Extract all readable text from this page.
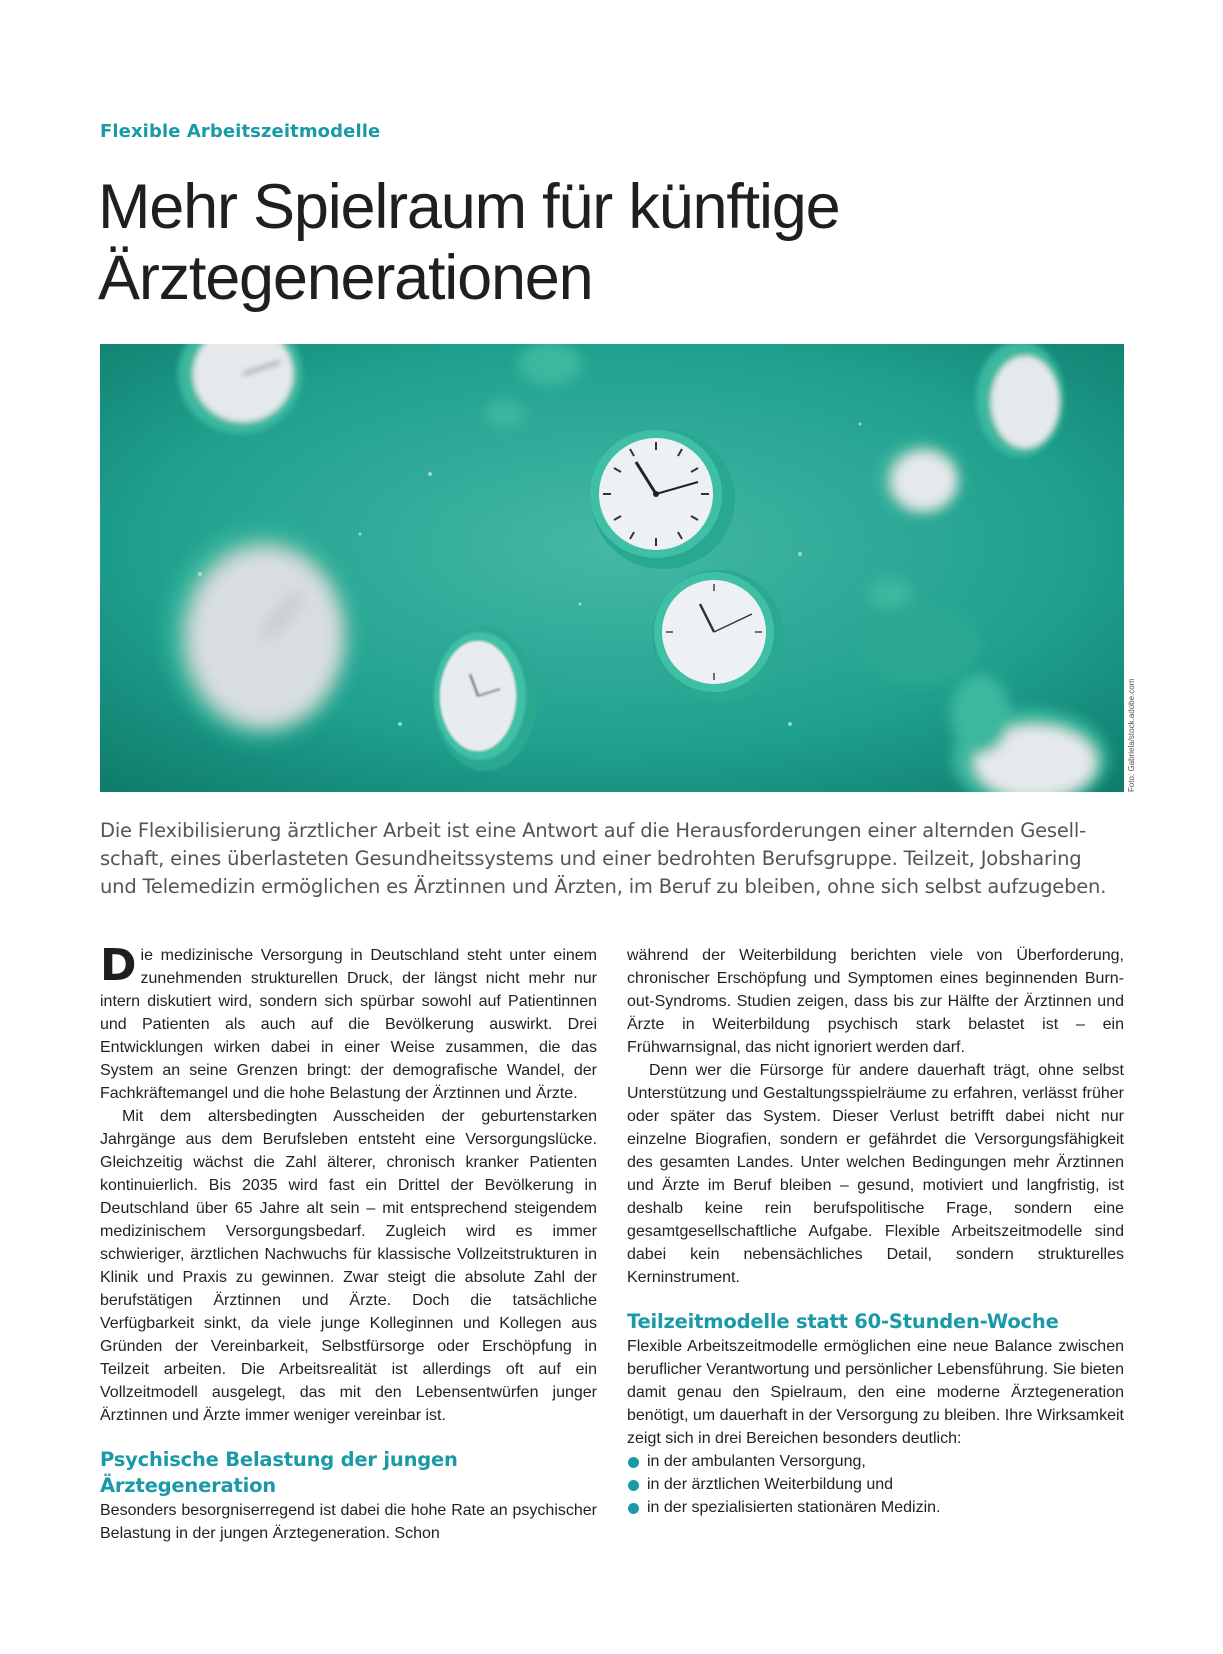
Flexible Arbeitszeitmodelle
Mehr Spielraum für künftige
Ärztegenerationen
Foto: Gabriela/stock.adobe.com
Die Flexibilisierung ärztlicher Arbeit ist eine Antwort auf die Herausforderungen einer alternden Gesell-
schaft, eines überlasteten Gesundheitssystems und einer bedrohten Berufsgruppe. Teilzeit, Jobsharing
und Telemedizin ermöglichen es Ärztinnen und Ärzten, im Beruf zu bleiben, ohne sich selbst aufzugeben.

Die medizinische Versorgung in Deutschland steht unter einem zunehmenden strukturellen Druck, der längst nicht mehr nur intern diskutiert wird, sondern sich spürbar sowohl auf Patientinnen und Patienten als auch auf die Bevölkerung auswirkt. Drei Entwicklungen wirken dabei in einer Weise zusammen, die das System an seine Grenzen bringt: der demografische Wandel, der Fachkräftemangel und die hohe Belastung der Ärztinnen und Ärzte.

Mit dem altersbedingten Ausscheiden der geburtenstarken Jahrgänge aus dem Berufsleben entsteht eine Versorgungslücke. Gleichzeitig wächst die Zahl älterer, chronisch kranker Patienten kontinuierlich. Bis 2035 wird fast ein Drittel der Bevölkerung in Deutschland über 65 Jahre alt sein – mit entsprechend steigendem medizinischem Versorgungsbedarf. Zugleich wird es immer schwieriger, ärztlichen Nachwuchs für klassische Vollzeitstrukturen in Klinik und Praxis zu gewinnen. Zwar steigt die absolute Zahl der berufstätigen Ärztinnen und Ärzte. Doch die tatsächliche Verfügbarkeit sinkt, da viele junge Kolleginnen und Kollegen aus Gründen der Vereinbarkeit, Selbstfürsorge oder Erschöpfung in Teilzeit arbeiten. Die Arbeitsrealität ist allerdings oft auf ein Vollzeitmodell ausgelegt, das mit den Lebensentwürfen junger Ärztinnen und Ärzte immer weniger vereinbar ist.

Psychische Belastung der jungen Ärztegeneration

Besonders besorgniserregend ist dabei die hohe Rate an psychischer Belastung in der jungen Ärztegeneration. Schon

während der Weiterbildung berichten viele von Überforderung, chronischer Erschöpfung und Symptomen eines beginnenden Burn-out-Syndroms. Studien zeigen, dass bis zur Hälfte der Ärztinnen und Ärzte in Weiterbildung psychisch stark belastet ist – ein Frühwarnsignal, das nicht ignoriert werden darf.

Denn wer die Fürsorge für andere dauerhaft trägt, ohne selbst Unterstützung und Gestaltungsspielräume zu erfahren, verlässt früher oder später das System. Dieser Verlust betrifft dabei nicht nur einzelne Biografien, sondern er gefährdet die Versorgungsfähigkeit des gesamten Landes. Unter welchen Bedingungen mehr Ärztinnen und Ärzte im Beruf bleiben – gesund, motiviert und langfristig, ist deshalb keine rein berufspolitische Frage, sondern eine gesamtgesellschaftliche Aufgabe. Flexible Arbeitszeitmodelle sind dabei kein nebensächliches Detail, sondern strukturelles Kerninstrument.

Teilzeitmodelle statt 60-Stunden-Woche

Flexible Arbeitszeitmodelle ermöglichen eine neue Balance zwischen beruflicher Verantwortung und persönlicher Lebensführung. Sie bieten damit genau den Spielraum, den eine moderne Ärztegeneration benötigt, um dauerhaft in der Versorgung zu bleiben. Ihre Wirksamkeit zeigt sich in drei Bereichen besonders deutlich:

in der ambulanten Versorgung,
in der ärztlichen Weiterbildung und
in der spezialisierten stationären Medizin.
